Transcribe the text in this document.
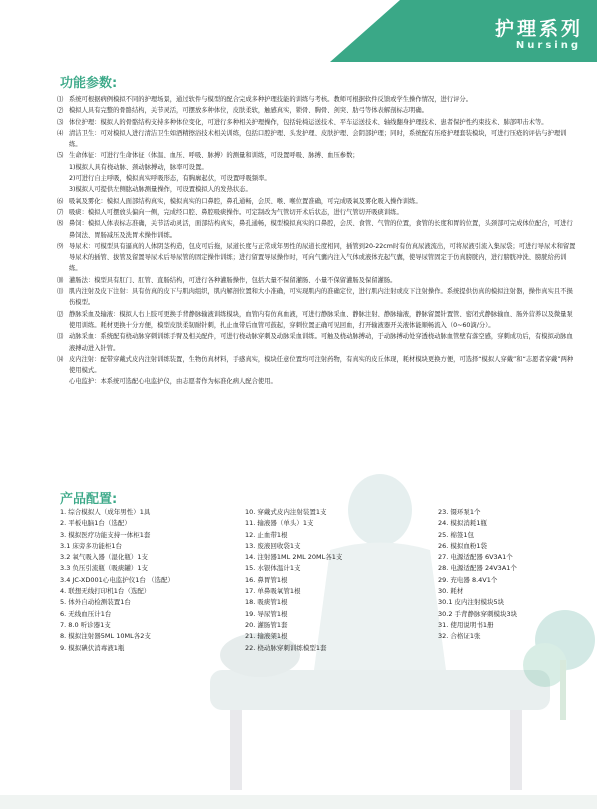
护理系列
Nursing
功能参数:
⑴ 系统可根据病例模拟不同的护理场景，通过软件与模型的配合完成多种护理技能的训练与考核。教师可根据软件反馈或学生操作情况，进行评分。
⑵ 模拟人具有完整的骨骼结构，关节灵活，可摆放多种体位，皮肤柔软，触感真实，锁骨、胸骨、剑突、肋弓等体表解剖标志明确。
⑶ 体位护理：模拟人的骨骼结构支持多种体位变化，可进行多种相关护理操作，包括轮椅运送技术、平车运送技术、轴线翻身护理技术、患者保护性约束技术、肺部叩击术等。
⑷ 清洁卫生：可对模拟人进行清洁卫生如酒精擦浴技术相关训练，包括口腔护理、头发护理、皮肤护理、会阴部护理；同时，系统配有压疮护理套装模块，可进行压疮的评估与护理训练。
⑸ 生命体征：可进行生命体征（体温、血压、呼吸、脉搏）的测量和训练，可设置呼吸、脉搏、血压参数；
1)模拟人具有桡动脉、颈动脉搏动，脉率可设置。
2)可进行自主呼吸，模拟真实呼吸形态，有胸廓起伏，可设置呼吸频率。
3)模拟人可提供左侧肱动脉测量操作，可设置模拟人的发热状态。
⑹ 吸氧及雾化：模拟人面部结构真实，模拟真实的口鼻腔，鼻孔通畅，会厌、喉、喉位置准确，可完成吸氧及雾化吸入操作训练。
⑺ 吸痰：模拟人可摆放头偏向一侧，完成经口腔、鼻腔吸痰操作。可定制改为气管切开术后状态，进行气管切开吸痰训练。
⑻ 鼻饲：模拟人体表标志准确，关节活动灵活，面部结构真实，鼻孔通畅，模型模拟真实的口鼻腔，会厌、食管、气管的位置，食管的长度和胃的位置，头颈部可完成体位配合，可进行鼻饲法、胃肠减压及洗胃术操作训练。
⑼ 导尿术：可模型具有逼真的人体阴茎构造，包皮可后拖，尿道长度与正常成年男性的尿道长度相同，插管到20-22cm时有仿真尿液流出，可将尿液引流入集尿袋；可进行导尿术和留置导尿术的插管、拔管及留置导尿术后导尿管的固定操作训练；进行留置导尿操作时，可向气囊内注入气体或液体充起气囊，使导尿管固定于仿真膀胱内，进行膀胱冲洗、膀胱给药训练。
⑽ 灌肠法：模型具有肛门、肛管、直肠结构，可进行各种灌肠操作，包括大量不保留灌肠、小量不保留灌肠及保留灌肠。
⑾ 肌内注射及皮下注射：具有仿真的皮下与肌肉组织，肌内解剖位置和大小准确，可实现肌内的准确定位，进行肌内注射或皮下注射操作。系统提供仿真的模拟注射器，操作真实且不损伤模型。
⑿ 静脉采血及输液：模拟人右上肢可更换手背静脉输液训练模块，血管内有仿真血液，可进行静脉采血、静脉注射、静脉输液，静脉留置针置管、密闭式静脉输血、肠外营养以及微量泵使用训练。耗材更换十分方便，模型皮肤柔韧耐针刺，扎止血带后血管可鼓起，穿刺位置正确可见回血，打开输液器开关液体能顺畅流入（0~60滴/分）。
⒀ 动脉采血：系统配有桡动脉穿刺训练手臂及相关配件，可进行桡动脉穿刺及动脉采血训练。可触及桡动脉搏动，于动脉搏动处穿透桡动脉血管壁有落空感，穿刺成功后，有模拟动脉血液搏动进入针管。
⒁ 皮内注射：配带穿戴式皮内注射训练装置，生物仿真材料，手感真实，模块任意位置均可注射药物，有真实的皮丘体现，耗材模块更换方便，可选择“模拟人穿戴”和“志愿者穿戴”两种使用模式。
心电监护：本系统可选配心电监护仪，由志愿者作为标准化病人配合使用。
产品配置:
1. 综合模拟人（成年男性）1具
2. 平板电脑1台（选配）
3. 模拟医疗功能支持一体柜1套
3.1 床旁多功能柜1台
3.2 氧气吸入器（湿化瓶）1支
3.3 负压引流瓶（吸痰罐）1支
3.4 JC-XD001心电监护仪1台 （选配）
4. 联想无线打印机1台（选配）
5. 体外自动检测装置1台
6. 无线血压计1台
7. 8.0 听诊器1支
8. 模拟注射器5ML 10ML各2支
9. 模拟碘伏消毒液1瓶
10. 穿戴式皮内注射装置1支
11. 输液器（单头）1支
12. 止血带1根
13. 废液回收袋1支
14. 注射器1ML 2ML 20ML各1支
15. 水银体温计1支
16. 鼻胃管1根
17. 单鼻吸氧管1根
18. 吸痰管1根
19. 导尿管1根
20. 灌肠管1套
21. 输液架1根
22. 桡动脉穿刺训练模型1套
23. 镊环泵1个
24. 模拟消耗1瓶
25. 棉签1包
26. 模拟血粉1袋
27. 电源适配器 6V3A1个
28. 电源适配器 24V3A1个
29. 充电器 8.4V1个
30. 耗材
30.1 皮内注射模块5块
30.2 手背静脉穿刺模块3块
31. 使用说明书1册
32. 合格证1张
